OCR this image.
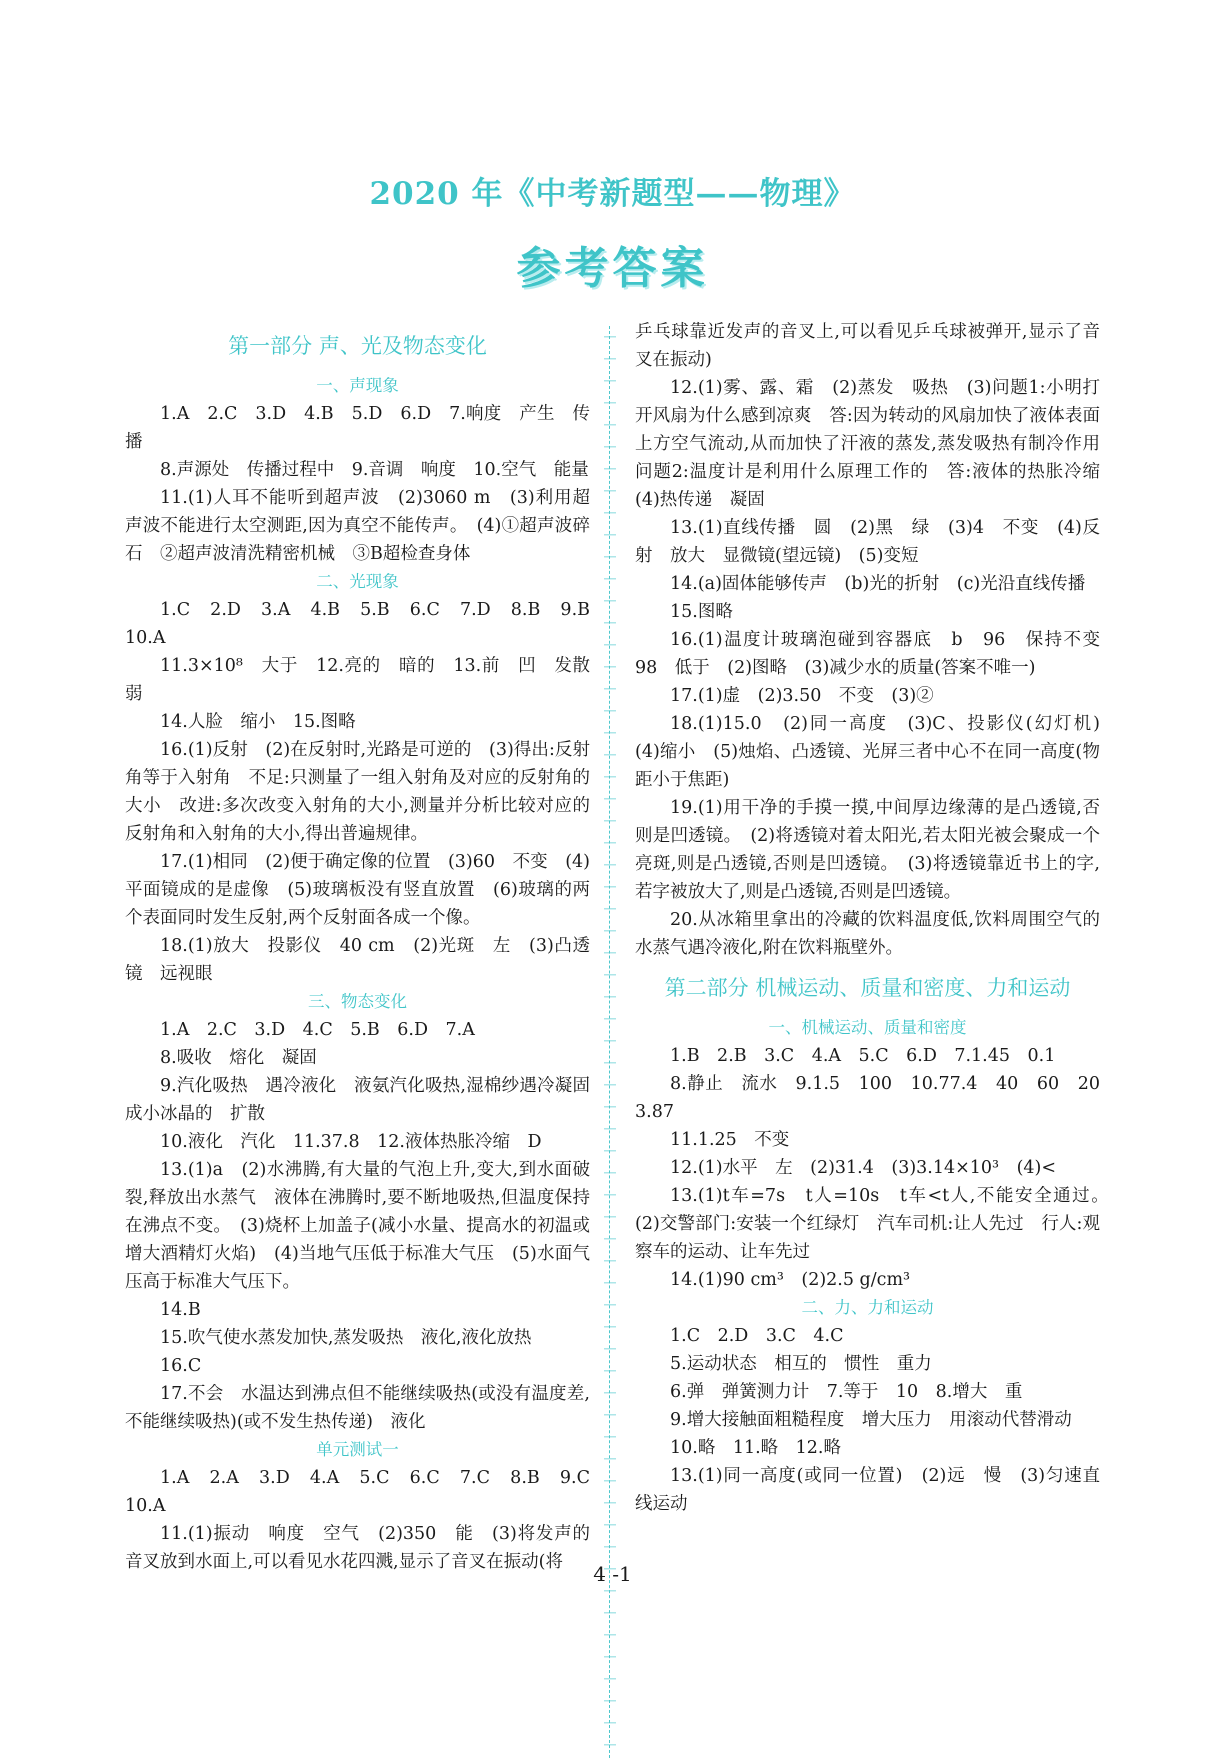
2020 年《中考新题型——物理》
参考答案
第一部分 声、光及物态变化
一、声现象

1.A　2.C　3.D　4.B　5.D　6.D　7.响度　产生　传播

8.声源处　传播过程中　9.音调　响度　10.空气　能量

11.(1)人耳不能听到超声波　(2)3060 m　(3)利用超声波不能进行太空测距,因为真空不能传声。　(4)①超声波碎石　②超声波清洗精密机械　③B超检查身体

二、光现象

1.C　2.D　3.A　4.B　5.B　6.C　7.D　8.B　9.B　10.A

11.3×10⁸　大于　12.亮的　暗的　13.前　凹　发散　弱

14.人脸　缩小　15.图略

16.(1)反射　(2)在反射时,光路是可逆的　(3)得出:反射角等于入射角　不足:只测量了一组入射角及对应的反射角的大小　改进:多次改变入射角的大小,测量并分析比较对应的反射角和入射角的大小,得出普遍规律。

17.(1)相同　(2)便于确定像的位置　(3)60　不变　(4)平面镜成的是虚像　(5)玻璃板没有竖直放置　(6)玻璃的两个表面同时发生反射,两个反射面各成一个像。

18.(1)放大　投影仪　40 cm　(2)光斑　左　(3)凸透镜　远视眼

三、物态变化

1.A　2.C　3.D　4.C　5.B　6.D　7.A

8.吸收　熔化　凝固

9.汽化吸热　遇冷液化　液氨汽化吸热,湿棉纱遇冷凝固成小冰晶的　扩散

10.液化　汽化　11.37.8　12.液体热胀冷缩　D

13.(1)a　(2)水沸腾,有大量的气泡上升,变大,到水面破裂,释放出水蒸气　液体在沸腾时,要不断地吸热,但温度保持在沸点不变。　(3)烧杯上加盖子(减小水量、提高水的初温或增大酒精灯火焰)　(4)当地气压低于标准大气压　(5)水面气压高于标准大气压下。

14.B

15.吹气使水蒸发加快,蒸发吸热　液化,液化放热

16.C

17.不会　水温达到沸点但不能继续吸热(或没有温度差,不能继续吸热)(或不发生热传递)　液化

单元测试一

1.A　2.A　3.D　4.A　5.C　6.C　7.C　8.B　9.C　10.A

11.(1)振动　响度　空气　(2)350　能　(3)将发声的音叉放到水面上,可以看见水花四溅,显示了音叉在振动(将

乒乓球靠近发声的音叉上,可以看见乒乓球被弹开,显示了音叉在振动)

12.(1)雾、露、霜　(2)蒸发　吸热　(3)问题1:小明打开风扇为什么感到凉爽　答:因为转动的风扇加快了液体表面上方空气流动,从而加快了汗液的蒸发,蒸发吸热有制冷作用　问题2:温度计是利用什么原理工作的　答:液体的热胀冷缩　(4)热传递　凝固

13.(1)直线传播　圆　(2)黑　绿　(3)4　不变　(4)反射　放大　显微镜(望远镜)　(5)变短

14.(a)固体能够传声　(b)光的折射　(c)光沿直线传播

15.图略

16.(1)温度计玻璃泡碰到容器底　b　96　保持不变　98　低于　(2)图略　(3)减少水的质量(答案不唯一)

17.(1)虚　(2)3.50　不变　(3)②

18.(1)15.0　(2)同一高度　(3)C、投影仪(幻灯机)　(4)缩小　(5)烛焰、凸透镜、光屏三者中心不在同一高度(物距小于焦距)

19.(1)用干净的手摸一摸,中间厚边缘薄的是凸透镜,否则是凹透镜。　(2)将透镜对着太阳光,若太阳光被会聚成一个亮斑,则是凸透镜,否则是凹透镜。　(3)将透镜靠近书上的字,若字被放大了,则是凸透镜,否则是凹透镜。

20.从冰箱里拿出的冷藏的饮料温度低,饮料周围空气的水蒸气遇冷液化,附在饮料瓶壁外。

第二部分 机械运动、质量和密度、力和运动
一、机械运动、质量和密度

1.B　2.B　3.C　4.A　5.C　6.D　7.1.45　0.1

8.静止　流水　9.1.5　100　10.77.4　40　60　20　3.87

11.1.25　不变

12.(1)水平　左　(2)31.4　(3)3.14×10³　(4)<

13.(1)t车=7s　t人=10s　t车<t人,不能安全通过。　(2)交警部门:安装一个红绿灯　汽车司机:让人先过　行人:观察车的运动、让车先过

14.(1)90 cm³　(2)2.5 g/cm³

二、力、力和运动

1.C　2.D　3.C　4.C

5.运动状态　相互的　惯性　重力

6.弹　弹簧测力计　7.等于　10　8.增大　重

9.增大接触面粗糙程度　增大压力　用滚动代替滑动

10.略　11.略　12.略

13.(1)同一高度(或同一位置)　(2)远　慢　(3)匀速直线运动

4 -1
